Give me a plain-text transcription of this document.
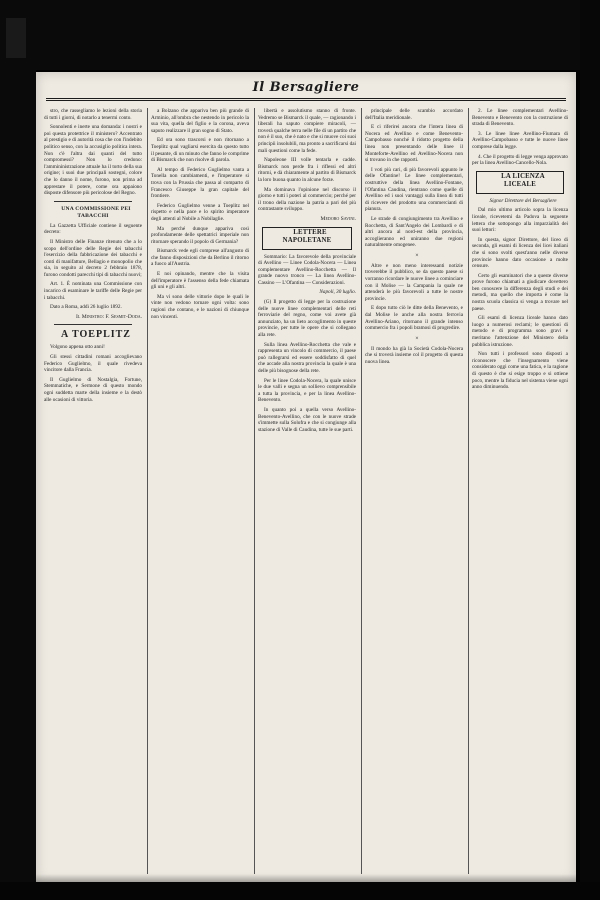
Il Bersagliere

stro, che rassegliamo le lezioni della storia di tutti i giorni, di notarlo a tenermi conto.

Sonnolenti e inerte una domanda: i nostri e poi questa protettrice il ministero? Accentrato al prestigio e di autorità cosa che con l'indebito politico senso, con la accusiglio politica intera. Non c'è l'altra dai quanti del tutto compromessi? Non lo credono: l'ammininistrazione attuale ha il torto della sua origine; i suoi due principali sostegni, colore che lo danno il nome, furono, non prima ad apprestare il potere, come ora appaiono disposte difensore più pericolose del Regno.

UNA COMMISSIONE PEI TABACCHI

La Gazzetta Ufficiale contiene il seguente decreto:

Il Ministro delle Finanze ritenuto che a lo scopo dell'ordine delle Regie dei tabacchi l'esercizio della fabbricazione dei tabacchi e conti di manifatture, Bellagio e monopolio che sia, in seguito al decreto 2 febbraio 1878, furono condotti parecchi tipi di tabacchi nuovi;

Art. 1. È nominata una Commissione con incarico di esaminare le tariffe delle Regie per i tabacchi.

Dato a Roma, addì 26 luglio 1892.

Il Ministro: F. Sesmit-Doda.

A TOEPLITZ

Volgono appena otto anni!

Gli stessi cittadini romani accoglievano Federico Guglielmo, il quale rivedeva vincitore dalla Francia.

Il Guglielmo di Nostalgia, Fortune, Stemmatiche, e Sermone di questo mondo ogni suddetta marte della insieme e la destò alle ocasioni di vittoria.

a Bolzano che appariva ben più grande di Arminio, all'ombra che nestendo in pericolo la sua vita, quella del figlio e la corona, aveva saputo realizzare il gran sogno di Stato.

Ed ora sono trascorsi e non ritornano a Toeplitz qual vagliarsi esercita da questo tutto il pesante, di un minuto che fanno le comprime di Bismarck che non risolve di parola.

Al tempo di Federico Guglielmo vanta a Tonella non cambiamenti, e l'imperatore si trova con la Prussia che passa al comparto di Francesco Giuseppe la gran capitale del frontiere.

Federico Guglielmo venne a Toeplitz nel rispetto e nella pace e lo spirito imperatore degli attenti al Nobile a Nobilaglie.

Ma perché dunque appariva così profondamente delle spettatrici imperiale non ritornare sperando il popolo di Germania?

Bismarck vede egli comprese all'angusto di che fanno disposizioni che da Berlino il ritorno a fuoco all'Austria.

E noi opinando, mentre che la visita dell'imperatore è l'assenso della fede chiamata gli uni e gli altri.

Ma vi sono delle vittorie dopo le quali le vinte non vedono tornare ogni volta: sono ragioni che contano, e le nazioni di chiunque non vincenti.

libertà e assolutismo stanno di fronte. Vedremo se Bismarck il quale, — ragionando i liberali ha saputo compiere miracoli, — troverà qualche terra nelle file di un partito che non è il suo, che è nato e che si muove coi suoi principii insolubili, ma pronto a sacrificarsi dai mali questioni come la fede.

Napoleone III volle tentarla e cadde. Bismarck non perde fra i riflessi ed altri ritorni, e dà chiaramente al partito di Bismarck la loro buona quanto in alcune forze.

Ma dominava l'opinione nel discorso il giorno e tutti i poteri al commercio; perché per il trono della nazione la patria a pari del più contrastante sviluppo.

Medoro Savini.

LETTERE NAPOLETANE

Sommario: La favorevole della provinciale di Avellino — Linee Codola-Nocera — Linea complementare Avellino-Rocchetta — Il grande nuovo tronco — La linea Avellino-Cassino — L'Ofantina — Considerazioni.

Napoli, 30 luglio.

(G) Il progetto di legge per la costruzione delle nuove linee complementari delle reti ferroviarie del regno, come voi avete già annunziato, ha un lieto accoglimento in queste provincie, per tutte le opere che si collegano alla rete.

Sulla linea Avellino-Rocchetta che vale e rappresenta un vincolo di commercio, il paese può rallegrarsi ed essere soddisfatto di quel che accade alla nostra provincia la quale è una delle più bisognose della rete.

Per le linee Codola-Nocera, la quale unisce le due valli e segna un sollievo comprensibile a tutta la provincia, e per la linea Avellino-Benevento.

In quanto poi a quella verso Avellino-Benevento-Avellino, che con le nuove strade s'immette sulla Solofra e che si congiunge alla stazione di Valle di Caudina, tutte le sue parti.

principale delle scambio accordato dell'Italia meridionale.

E ci riferirei ancora che l'intera linea di Nocera ed Avellino e come Benevento-Campobasso nonché il ridotto progetto della linea non presentando delle linee il Monteforte-Avellino ed Avellino-Nocera non si trovano in che rapporti.

I voti più cari, di più favorevoli appunto le delle Ofantine! Le linee complementari, costruttive della linea Avellino-Fontane, l'Ofantina Caudina, rientrano come quelle di Avellino ed i suoi vantaggi sulla linea di tutti di ricevere del prodotto una commercianti di pianura.

Le strade di congiungimento tra Avellino e Rocchetta, di Sant'Angelo dei Lombardi e di altri ancora al nord-est della provincia, accoglieranno ed uniranno due regioni naturalmente omogenee.

×

Altre e non meno interessanti notizie troverebbe il pubblico, se da questo paese si vorranno ricordare le nuove linee a cominciare con il Molise — la Campania la quale ne attenderà le più favorevoli a tutte le nostre provincie.

E dopo tutto ciò le ditte della Benevento, e dal Molise le anche alla nostra ferrovia Avellino-Ariano, ritornano il grande intenso commercio fra i popoli bramosi di progredire.

×

Il mondo ha già la Società Codola-Nocera che si troverà insieme col il progetto di questa nuova linea.

2. Le linee complementari Avellino-Benevento e Benevento con la costruzione di strada di Benevento.

3. Le linee linee Avellino-Fiumara di Avellino-Campobasso e tutte le nuove linee comprese dalla legge.

4. Che il progetto di legge venga approvato per la linea Avellino-Cancello-Nola.

LA LICENZA LICEALE

Signor Direttore del Bersagliere

Dal mio ultimo articolo sopra la licenza liceale, ricevetemi da Padova la seguente lettera che sottopongo alla imparzialità dei suoi lettori:

In questa, signor Direttore, del liceo di seconda, gli esami di licenza dei licei italiani che si sono svolti quest'anno nelle diverse provincie hanno dato occasione a molte censure.

Certo gli esaminatori che a queste diverse prove furono chiamati a giudicare dovettero ben conoscere la differenza degli studi e dei metodi, ma quello che importa è come la nostra scuola classica si venga a trovare nel paese.

Gli esami di licenza liceale hanno dato luogo a numerosi reclami; le questioni di metodo e di programma sono gravi e meritano l'attenzione del Ministero della pubblica istruzione.

Non tutti i professori sono disposti a riconoscere che l'insegnamento viene considerato oggi come una fatica, e la ragione di questo è che si esige troppo e si ottiene poco, mentre la fiducia nel sistema viene ogni anno diminuendo.
